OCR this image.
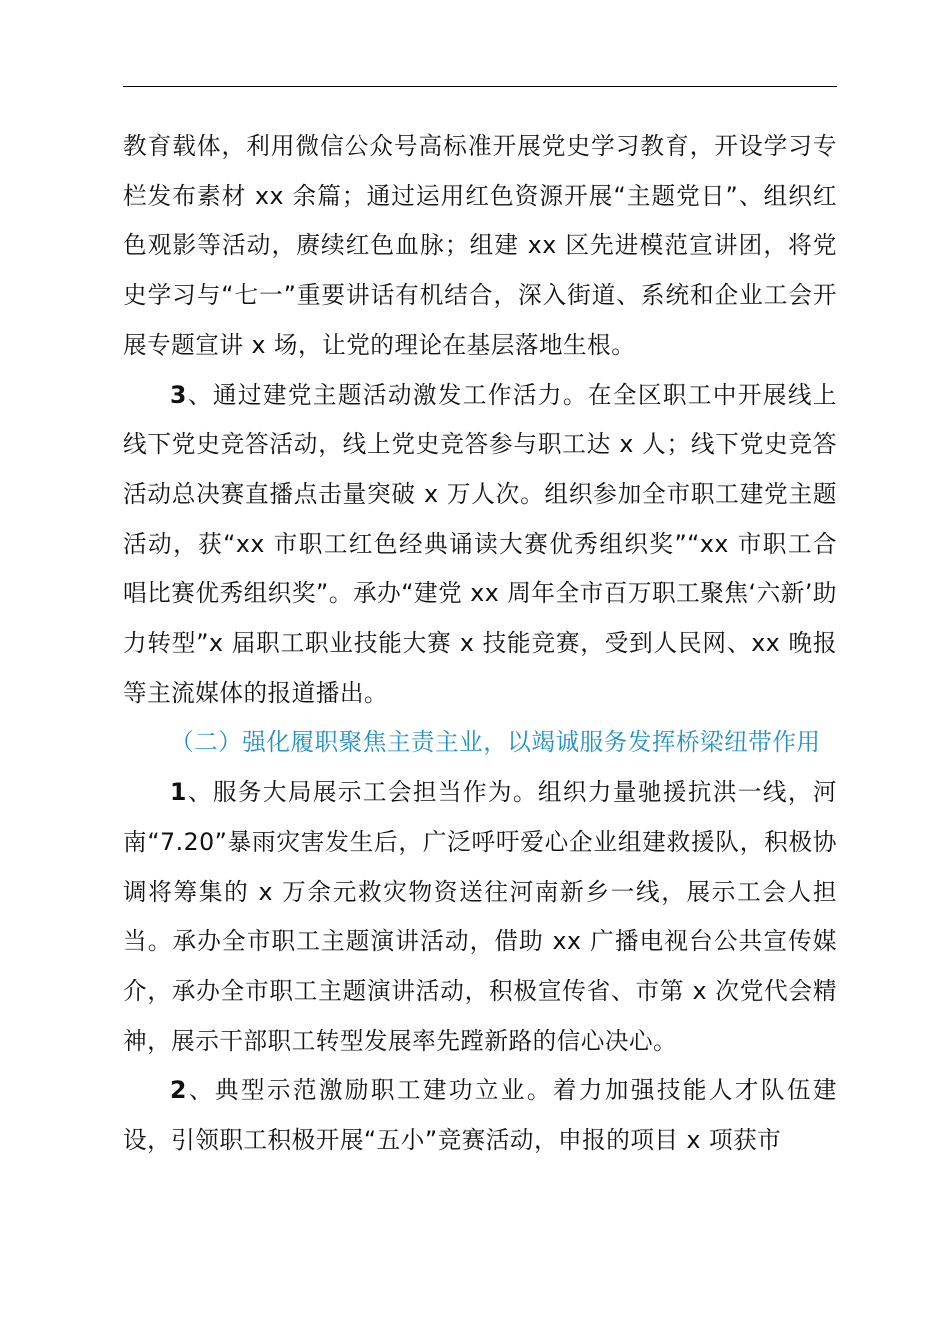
教育载体，利用微信公众号高标准开展党史学习教育，开设学习专栏发布素材 xx 余篇；通过运用红色资源开展“主题党日”、组织红色观影等活动，赓续红色血脉；组建 xx 区先进模范宣讲团，将党史学习与“七一”重要讲话有机结合，深入街道、系统和企业工会开展专题宣讲 x 场，让党的理论在基层落地生根。

3、通过建党主题活动激发工作活力。在全区职工中开展线上线下党史竞答活动，线上党史竞答参与职工达 x 人；线下党史竞答活动总决赛直播点击量突破 x 万人次。组织参加全市职工建党主题活动，获“xx 市职工红色经典诵读大赛优秀组织奖”“xx 市职工合唱比赛优秀组织奖”。承办“建党 xx 周年全市百万职工聚焦‘六新’助力转型”x 届职工职业技能大赛 x 技能竞赛，受到人民网、xx 晚报等主流媒体的报道播出。

（二）强化履职聚焦主责主业，以竭诚服务发挥桥梁纽带作用

1、服务大局展示工会担当作为。组织力量驰援抗洪一线，河南“7.20”暴雨灾害发生后，广泛呼吁爱心企业组建救援队，积极协调将筹集的 x 万余元救灾物资送往河南新乡一线，展示工会人担当。承办全市职工主题演讲活动，借助 xx 广播电视台公共宣传媒介，承办全市职工主题演讲活动，积极宣传省、市第 x 次党代会精神，展示干部职工转型发展率先蹚新路的信心决心。

2、典型示范激励职工建功立业。着力加强技能人才队伍建设，引领职工积极开展“五小”竞赛活动，申报的项目 x 项获市
